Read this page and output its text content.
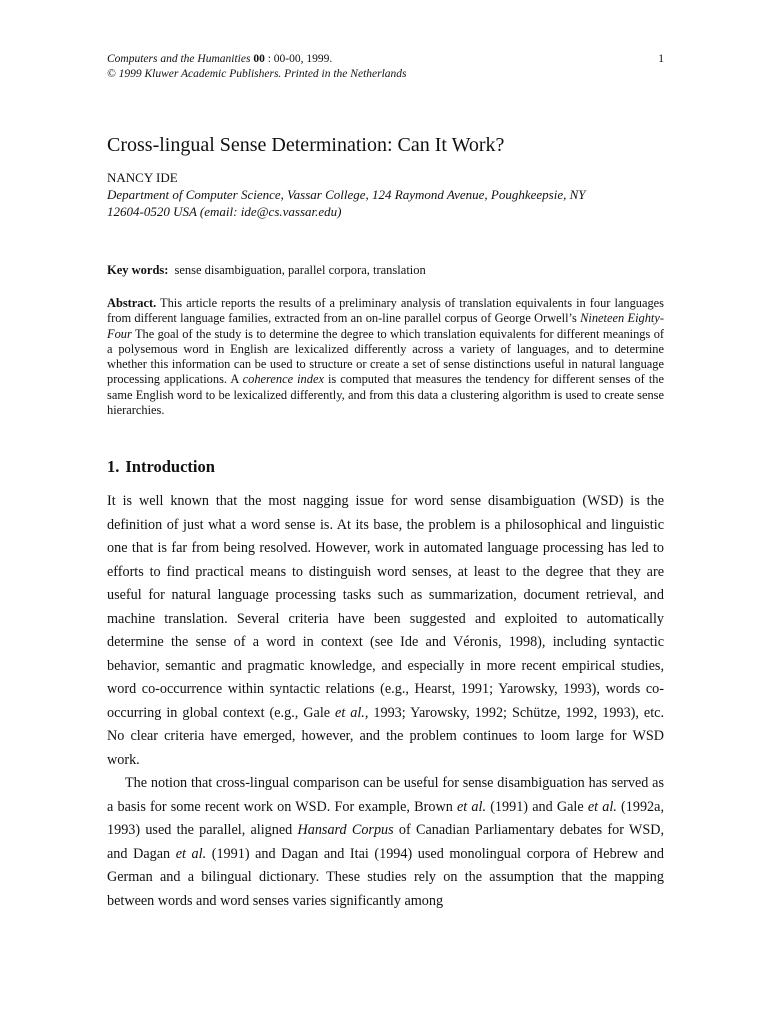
Computers and the Humanities 00 : 00-00, 1999.
© 1999 Kluwer Academic Publishers. Printed in the Netherlands
1
Cross-lingual Sense Determination: Can It Work?
NANCY IDE
Department of Computer Science, Vassar College, 124 Raymond Avenue, Poughkeepsie, NY
12604-0520 USA (email: ide@cs.vassar.edu)
Key words: sense disambiguation, parallel corpora, translation
Abstract. This article reports the results of a preliminary analysis of translation equivalents in four languages from different language families, extracted from an on-line parallel corpus of George Orwell’s Nineteen Eighty-Four The goal of the study is to determine the degree to which translation equivalents for different meanings of a polysemous word in English are lexicalized differently across a variety of languages, and to determine whether this information can be used to structure or create a set of sense distinctions useful in natural language processing applications. A coherence index is computed that measures the tendency for different senses of the same English word to be lexicalized differently, and from this data a clustering algorithm is used to create sense hierarchies.
1. Introduction

It is well known that the most nagging issue for word sense disambiguation (WSD) is the definition of just what a word sense is. At its base, the problem is a philosophical and linguistic one that is far from being resolved. However, work in automated language processing has led to efforts to find practical means to distinguish word senses, at least to the degree that they are useful for natural language processing tasks such as summarization, document retrieval, and machine translation. Several criteria have been suggested and exploited to automatically determine the sense of a word in context (see Ide and Véronis, 1998), including syntactic behavior, semantic and pragmatic knowledge, and especially in more recent empirical studies, word co-occurrence within syntactic relations (e.g., Hearst, 1991; Yarowsky, 1993), words co-occurring in global context (e.g., Gale et al., 1993; Yarowsky, 1992; Schütze, 1992, 1993), etc. No clear criteria have emerged, however, and the problem continues to loom large for WSD work.

The notion that cross-lingual comparison can be useful for sense disambiguation has served as a basis for some recent work on WSD. For example, Brown et al. (1991) and Gale et al. (1992a, 1993) used the parallel, aligned Hansard Corpus of Canadian Parliamentary debates for WSD, and Dagan et al. (1991) and Dagan and Itai (1994) used monolingual corpora of Hebrew and German and a bilingual dictionary. These studies rely on the assumption that the mapping between words and word senses varies significantly among
